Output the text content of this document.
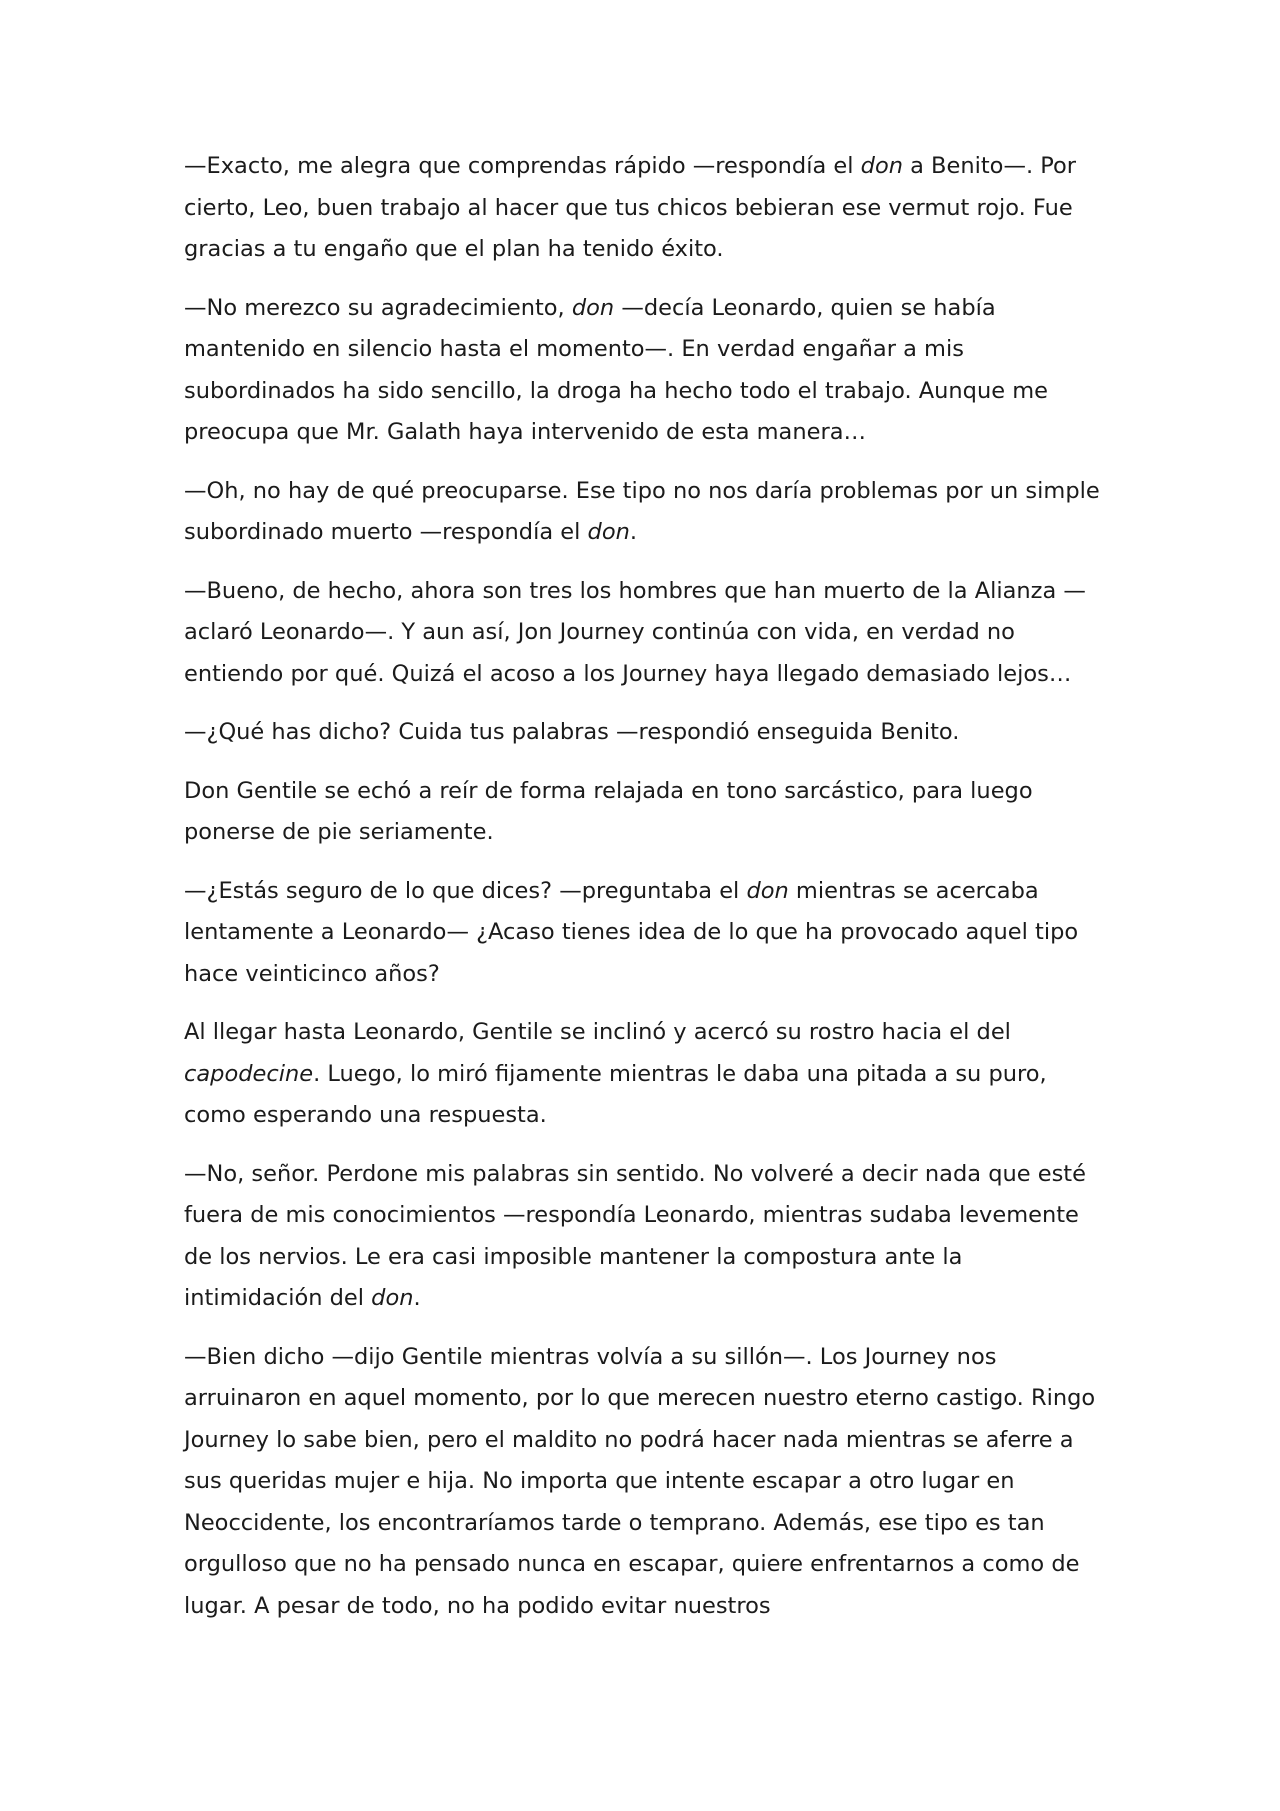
—Exacto, me alegra que comprendas rápido —respondía el don a Benito—. Por cierto, Leo, buen trabajo al hacer que tus chicos bebieran ese vermut rojo. Fue gracias a tu engaño que el plan ha tenido éxito.

—No merezco su agradecimiento, don —decía Leonardo, quien se había mantenido en silencio hasta el momento—. En verdad engañar a mis subordinados ha sido sencillo, la droga ha hecho todo el trabajo. Aunque me preocupa que Mr. Galath haya intervenido de esta manera…

—Oh, no hay de qué preocuparse. Ese tipo no nos daría problemas por un simple subordinado muerto —respondía el don.

—Bueno, de hecho, ahora son tres los hombres que han muerto de la Alianza —aclaró Leonardo—. Y aun así, Jon Journey continúa con vida, en verdad no entiendo por qué. Quizá el acoso a los Journey haya llegado demasiado lejos…

—¿Qué has dicho? Cuida tus palabras —respondió enseguida Benito.

Don Gentile se echó a reír de forma relajada en tono sarcástico, para luego ponerse de pie seriamente.

—¿Estás seguro de lo que dices? —preguntaba el don mientras se acercaba lentamente a Leonardo— ¿Acaso tienes idea de lo que ha provocado aquel tipo hace veinticinco años?

Al llegar hasta Leonardo, Gentile se inclinó y acercó su rostro hacia el del capodecine. Luego, lo miró fijamente mientras le daba una pitada a su puro, como esperando una respuesta.

—No, señor. Perdone mis palabras sin sentido. No volveré a decir nada que esté fuera de mis conocimientos —respondía Leonardo, mientras sudaba levemente de los nervios. Le era casi imposible mantener la compostura ante la intimidación del don.

—Bien dicho —dijo Gentile mientras volvía a su sillón—. Los Journey nos arruinaron en aquel momento, por lo que merecen nuestro eterno castigo. Ringo Journey lo sabe bien, pero el maldito no podrá hacer nada mientras se aferre a sus queridas mujer e hija. No importa que intente escapar a otro lugar en Neoccidente, los encontraríamos tarde o temprano. Además, ese tipo es tan orgulloso que no ha pensado nunca en escapar, quiere enfrentarnos a como de lugar. A pesar de todo, no ha podido evitar nuestros
